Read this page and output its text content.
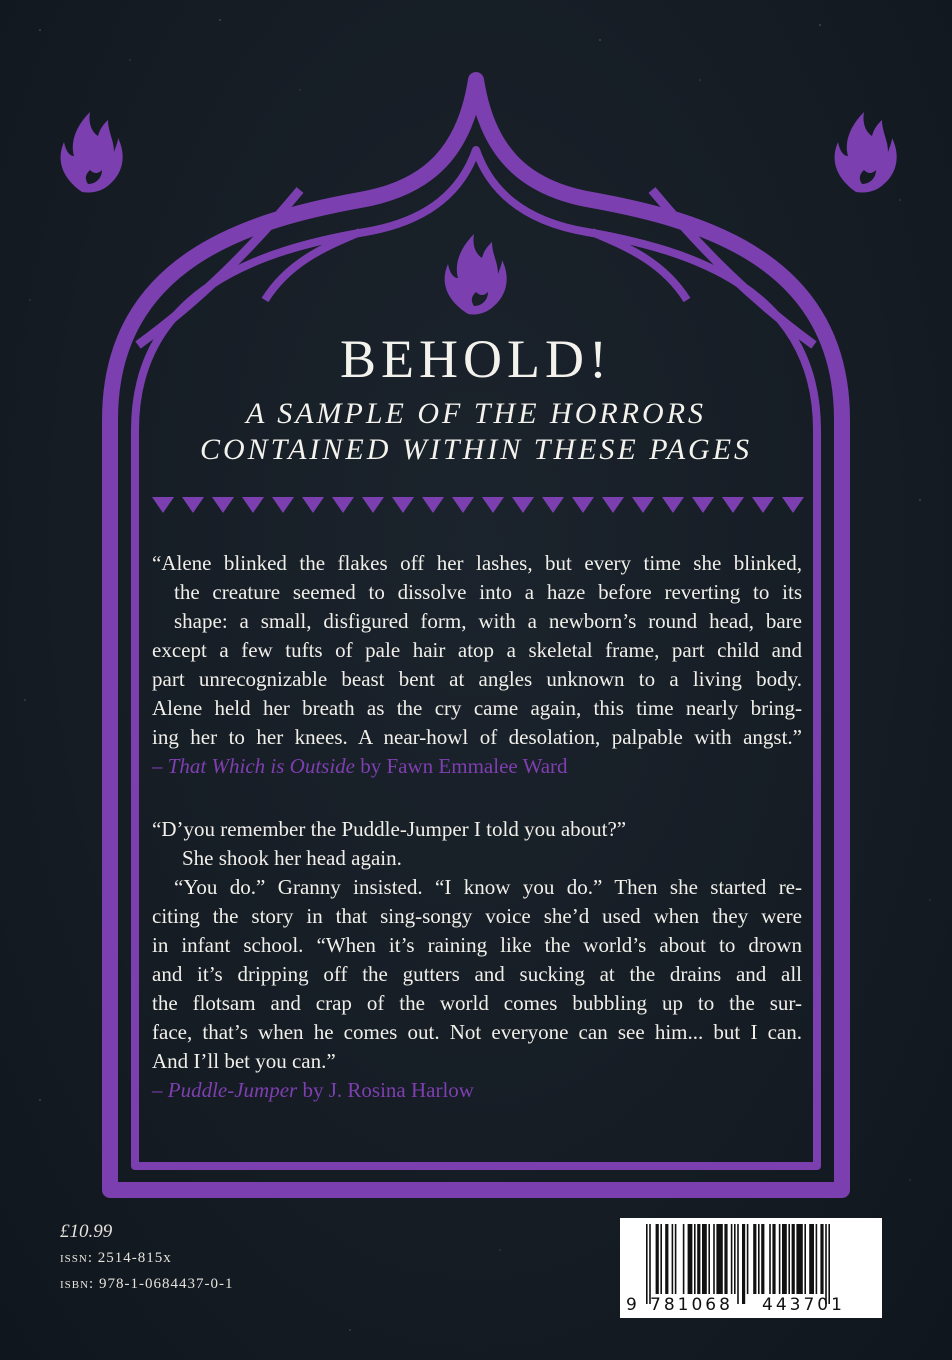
BEHOLD!
A SAMPLE OF THE HORRORS
CONTAINED WITHIN THESE PAGES
“Alene blinked the flakes off her lashes, but every time she blinked,
the creature seemed to dissolve into a haze before reverting to its
shape: a small, disfigured form, with a newborn’s round head, bare
except a few tufts of pale hair atop a skeletal frame, part child and
part unrecognizable beast bent at angles unknown to a living body.
Alene held her breath as the cry came again, this time nearly bring-
ing her to her knees. A near-howl of desolation, palpable with angst.”
– That Which is Outside by Fawn Emmalee Ward
“D’you remember the Puddle-Jumper I told you about?”
She shook her head again.
“You do.” Granny insisted. “I know you do.” Then she started re-
citing the story in that sing-songy voice she’d used when they were
in infant school. “When it’s raining like the world’s about to drown
and it’s dripping off the gutters and sucking at the drains and all
the flotsam and crap of the world comes bubbling up to the sur-
face, that’s when he comes out. Not everyone can see him... but I can.
And I’ll bet you can.”
– Puddle-Jumper by J. Rosina Harlow
£10.99
issn: 2514-815x
isbn: 978-1-0684437-0-1
9 781068 443701
